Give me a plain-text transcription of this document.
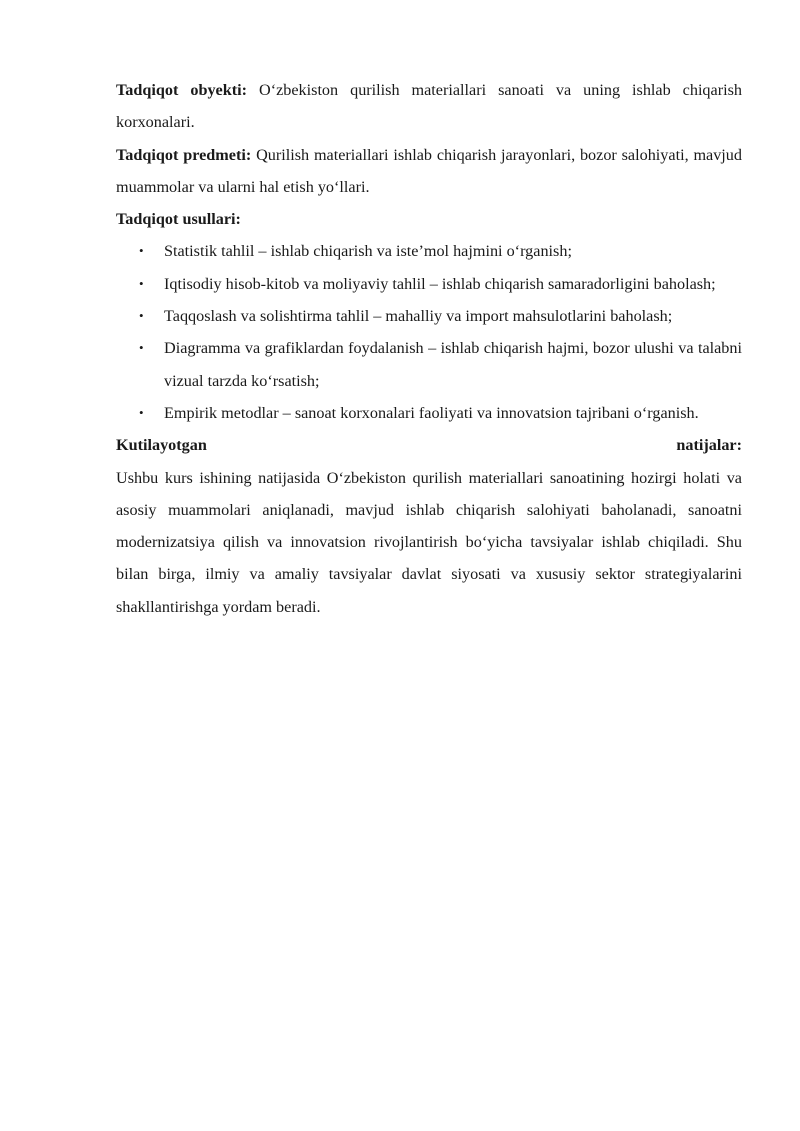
Tadqiqot obyekti: O‘zbekiston qurilish materiallari sanoati va uning ishlab chiqarish korxonalari.

Tadqiqot predmeti: Qurilish materiallari ishlab chiqarish jarayonlari, bozor salohiyati, mavjud muammolar va ularni hal etish yo‘llari.

Tadqiqot usullari:

• Statistik tahlil – ishlab chiqarish va iste’mol hajmini o‘rganish;
• Iqtisodiy hisob-kitob va moliyaviy tahlil – ishlab chiqarish samaradorligini baholash;
• Taqqoslash va solishtirma tahlil – mahalliy va import mahsulotlarini baholash;
• Diagramma va grafiklardan foydalanish – ishlab chiqarish hajmi, bozor ulushi va talabni vizual tarzda ko‘rsatish;
• Empirik metodlar – sanoat korxonalari faoliyati va innovatsion tajribani o‘rganish.
Kutilayotgan	natijalar:

Ushbu kurs ishining natijasida O‘zbekiston qurilish materiallari sanoatining hozirgi holati va asosiy muammolari aniqlanadi, mavjud ishlab chiqarish salohiyati baholanadi, sanoatni modernizatsiya qilish va innovatsion rivojlantirish bo‘yicha tavsiyalar ishlab chiqiladi. Shu bilan birga, ilmiy va amaliy tavsiyalar davlat siyosati va xususiy sektor strategiyalarini shakllantirishga yordam beradi.
